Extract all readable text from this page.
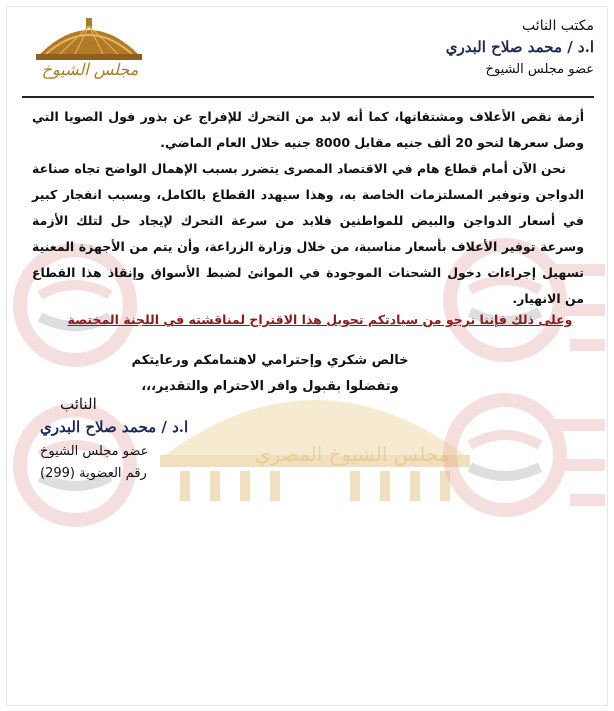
مجلس الشيوخ المصري
مجلس الشيوخ
مكتب النائب
ا.د / محمد صلاح البدري
عضو مجلس الشيوخ
أزمة نقص الأعلاف ومشتقاتها، كما أنه لابد من التحرك للإفراج عن بذور فول الصويا التي وصل سعرها لنحو 20 ألف جنيه مقابل 8000 جنيه خلال العام الماضي.
نحن الآن أمام قطاع هام في الاقتصاد المصرى يتضرر بسبب الإهمال الواضح تجاه صناعة الدواجن وتوفير المسلتزمات الخاصة به، وهذا سيهدد القطاع بالكامل، ويسبب انفجار كبير في أسعار الدواجن والبيض للمواطنين فلابد من سرعة التحرك لإيجاد حل لتلك الأزمة وسرعة توفير الأعلاف بأسعار مناسبة، من خلال وزارة الزراعة، وأن يتم من الأجهزة المعنية تسهيل إجراءات دخول الشحنات الموجودة في الموانئ لضبط الأسواق وإنقاذ هذا القطاع من الانهيار.
وعلى ذلك فإننا نرجو من سيادتكم تحويل هذا الاقتراح لمناقشته في اللجنة المختصة
خالص شكري وإحترامي لاهتمامكم ورعايتكم
وتفضلوا بقبول وافر الاحترام والتقدير،،،
النائب
ا.د / محمد صلاح البدري
عضو مجلس الشيوخ
رقم العضوية (299)
